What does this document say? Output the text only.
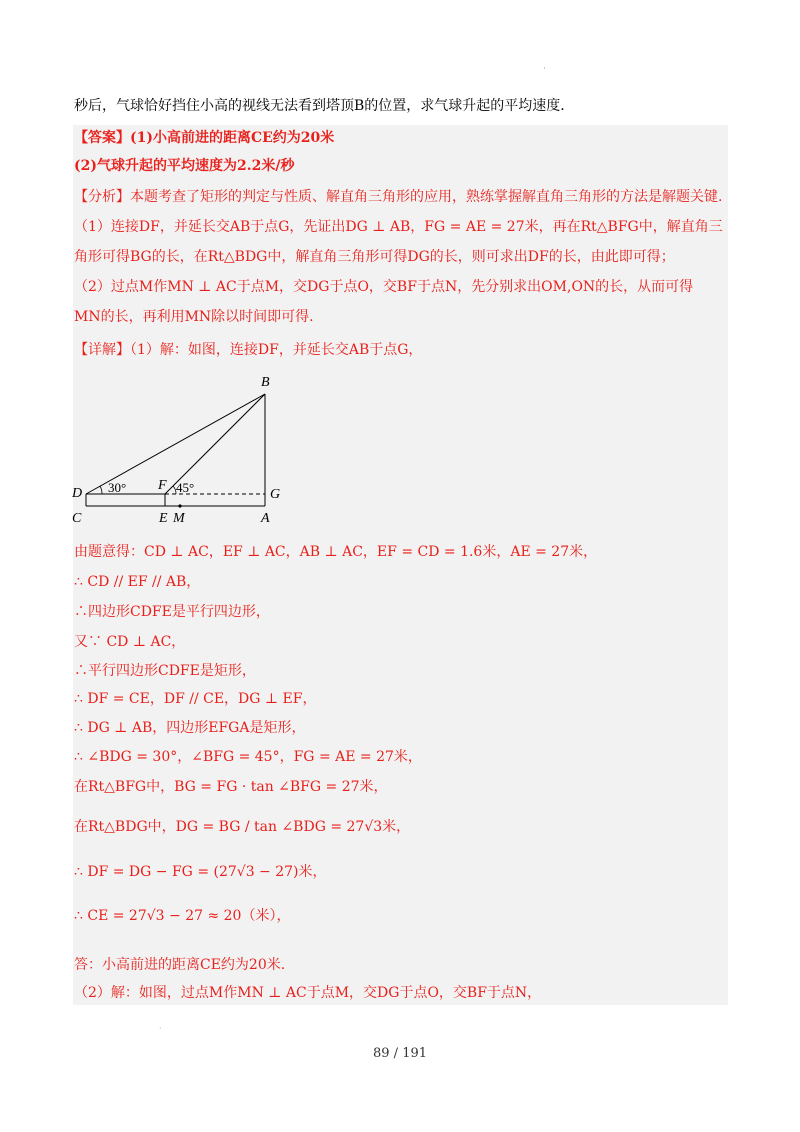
·
秒后，气球恰好挡住小高的视线无法看到塔顶B的位置，求气球升起的平均速度.
【答案】(1)小高前进的距离CE约为20米
(2)气球升起的平均速度为2.2米/秒
【分析】本题考查了矩形的判定与性质、解直角三角形的应用，熟练掌握解直角三角形的方法是解题关键.
（1）连接DF，并延长交AB于点G，先证出DG ⊥ AB，FG = AE = 27米，再在Rt△BFG中，解直角三
角形可得BG的长，在Rt△BDG中，解直角三角形可得DG的长，则可求出DF的长，由此即可得；
（2）过点M作MN ⊥ AC于点M，交DG于点O，交BF于点N，先分别求出OM,ON的长，从而可得
MN的长，再利用MN除以时间即可得.
【详解】（1）解：如图，连接DF，并延长交AB于点G，
B
D 30° F 45°	G
C	E M	A
由题意得：CD ⊥ AC，EF ⊥ AC，AB ⊥ AC，EF = CD = 1.6米，AE = 27米，
∴ CD // EF // AB，
∴四边形CDFE是平行四边形，
又∵ CD ⊥ AC，
∴平行四边形CDFE是矩形，
∴ DF = CE，DF // CE，DG ⊥ EF，
∴ DG ⊥ AB，四边形EFGA是矩形，
∴ ∠BDG = 30°，∠BFG = 45°，FG = AE = 27米，
在Rt△BFG中，BG = FG · tan ∠BFG = 27米，
在Rt△BDG中，DG = BG / tan ∠BDG = 27√3米，
∴ DF = DG − FG = (27√3 − 27)米，
∴ CE = 27√3 − 27 ≈ 20（米），
答：小高前进的距离CE约为20米.
（2）解：如图，过点M作MN ⊥ AC于点M，交DG于点O，交BF于点N，
·
89 / 191
